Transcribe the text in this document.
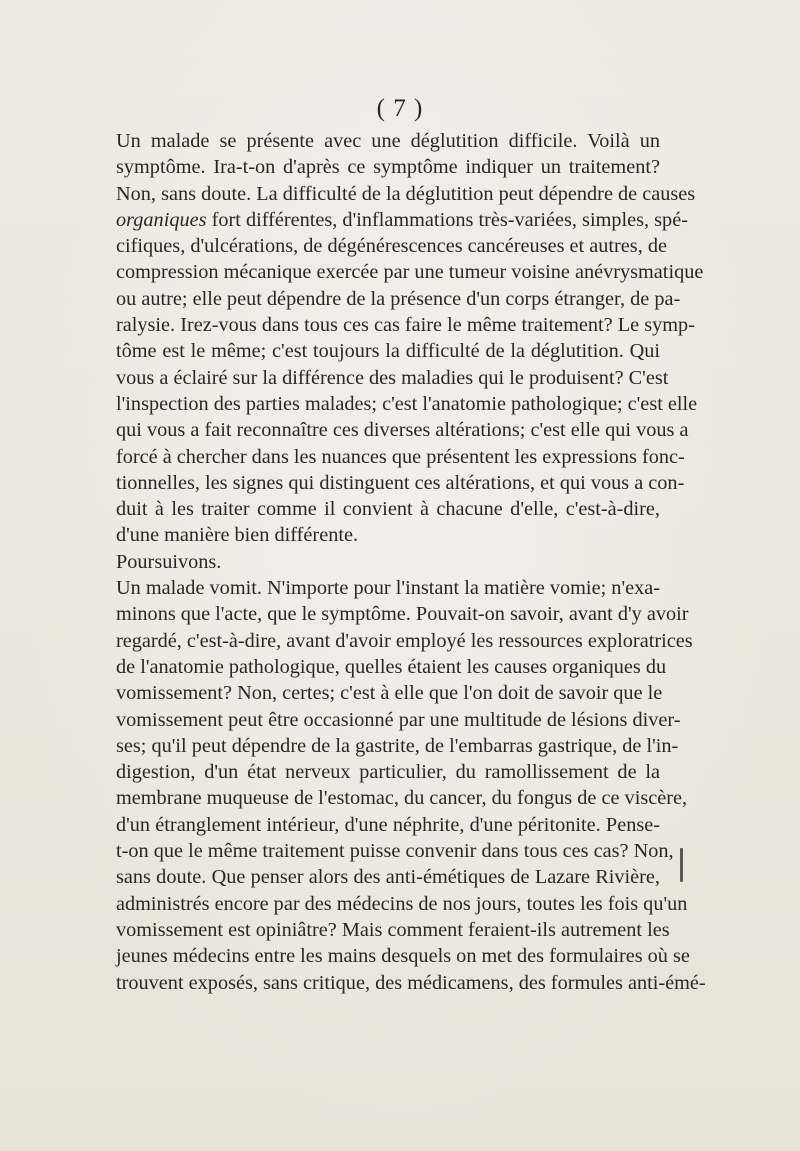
( 7 )
Un malade se présente avec une déglutition difficile. Voilà un
symptôme. Ira-t-on d'après ce symptôme indiquer un traitement?
Non, sans doute. La difficulté de la déglutition peut dépendre de causes
organiques fort différentes, d'inflammations très-variées, simples, spé-
cifiques, d'ulcérations, de dégénérescences cancéreuses et autres, de
compression mécanique exercée par une tumeur voisine anévrysmatique
ou autre; elle peut dépendre de la présence d'un corps étranger, de pa-
ralysie. Irez-vous dans tous ces cas faire le même traitement? Le symp-
tôme est le même; c'est toujours la difficulté de la déglutition. Qui
vous a éclairé sur la différence des maladies qui le produisent? C'est
l'inspection des parties malades; c'est l'anatomie pathologique; c'est elle
qui vous a fait reconnaître ces diverses altérations; c'est elle qui vous a
forcé à chercher dans les nuances que présentent les expressions fonc-
tionnelles, les signes qui distinguent ces altérations, et qui vous a con-
duit à les traiter comme il convient à chacune d'elle, c'est-à-dire,
d'une manière bien différente.
Poursuivons.
Un malade vomit. N'importe pour l'instant la matière vomie; n'exa-
minons que l'acte, que le symptôme. Pouvait-on savoir, avant d'y avoir
regardé, c'est-à-dire, avant d'avoir employé les ressources exploratrices
de l'anatomie pathologique, quelles étaient les causes organiques du
vomissement? Non, certes; c'est à elle que l'on doit de savoir que le
vomissement peut être occasionné par une multitude de lésions diver-
ses; qu'il peut dépendre de la gastrite, de l'embarras gastrique, de l'in-
digestion, d'un état nerveux particulier, du ramollissement de la
membrane muqueuse de l'estomac, du cancer, du fongus de ce viscère,
d'un étranglement intérieur, d'une néphrite, d'une péritonite. Pense-
t-on que le même traitement puisse convenir dans tous ces cas? Non,
sans doute. Que penser alors des anti-émétiques de Lazare Rivière,
administrés encore par des médecins de nos jours, toutes les fois qu'un
vomissement est opiniâtre? Mais comment feraient-ils autrement les
jeunes médecins entre les mains desquels on met des formulaires où se
trouvent exposés, sans critique, des médicamens, des formules anti-émé-
